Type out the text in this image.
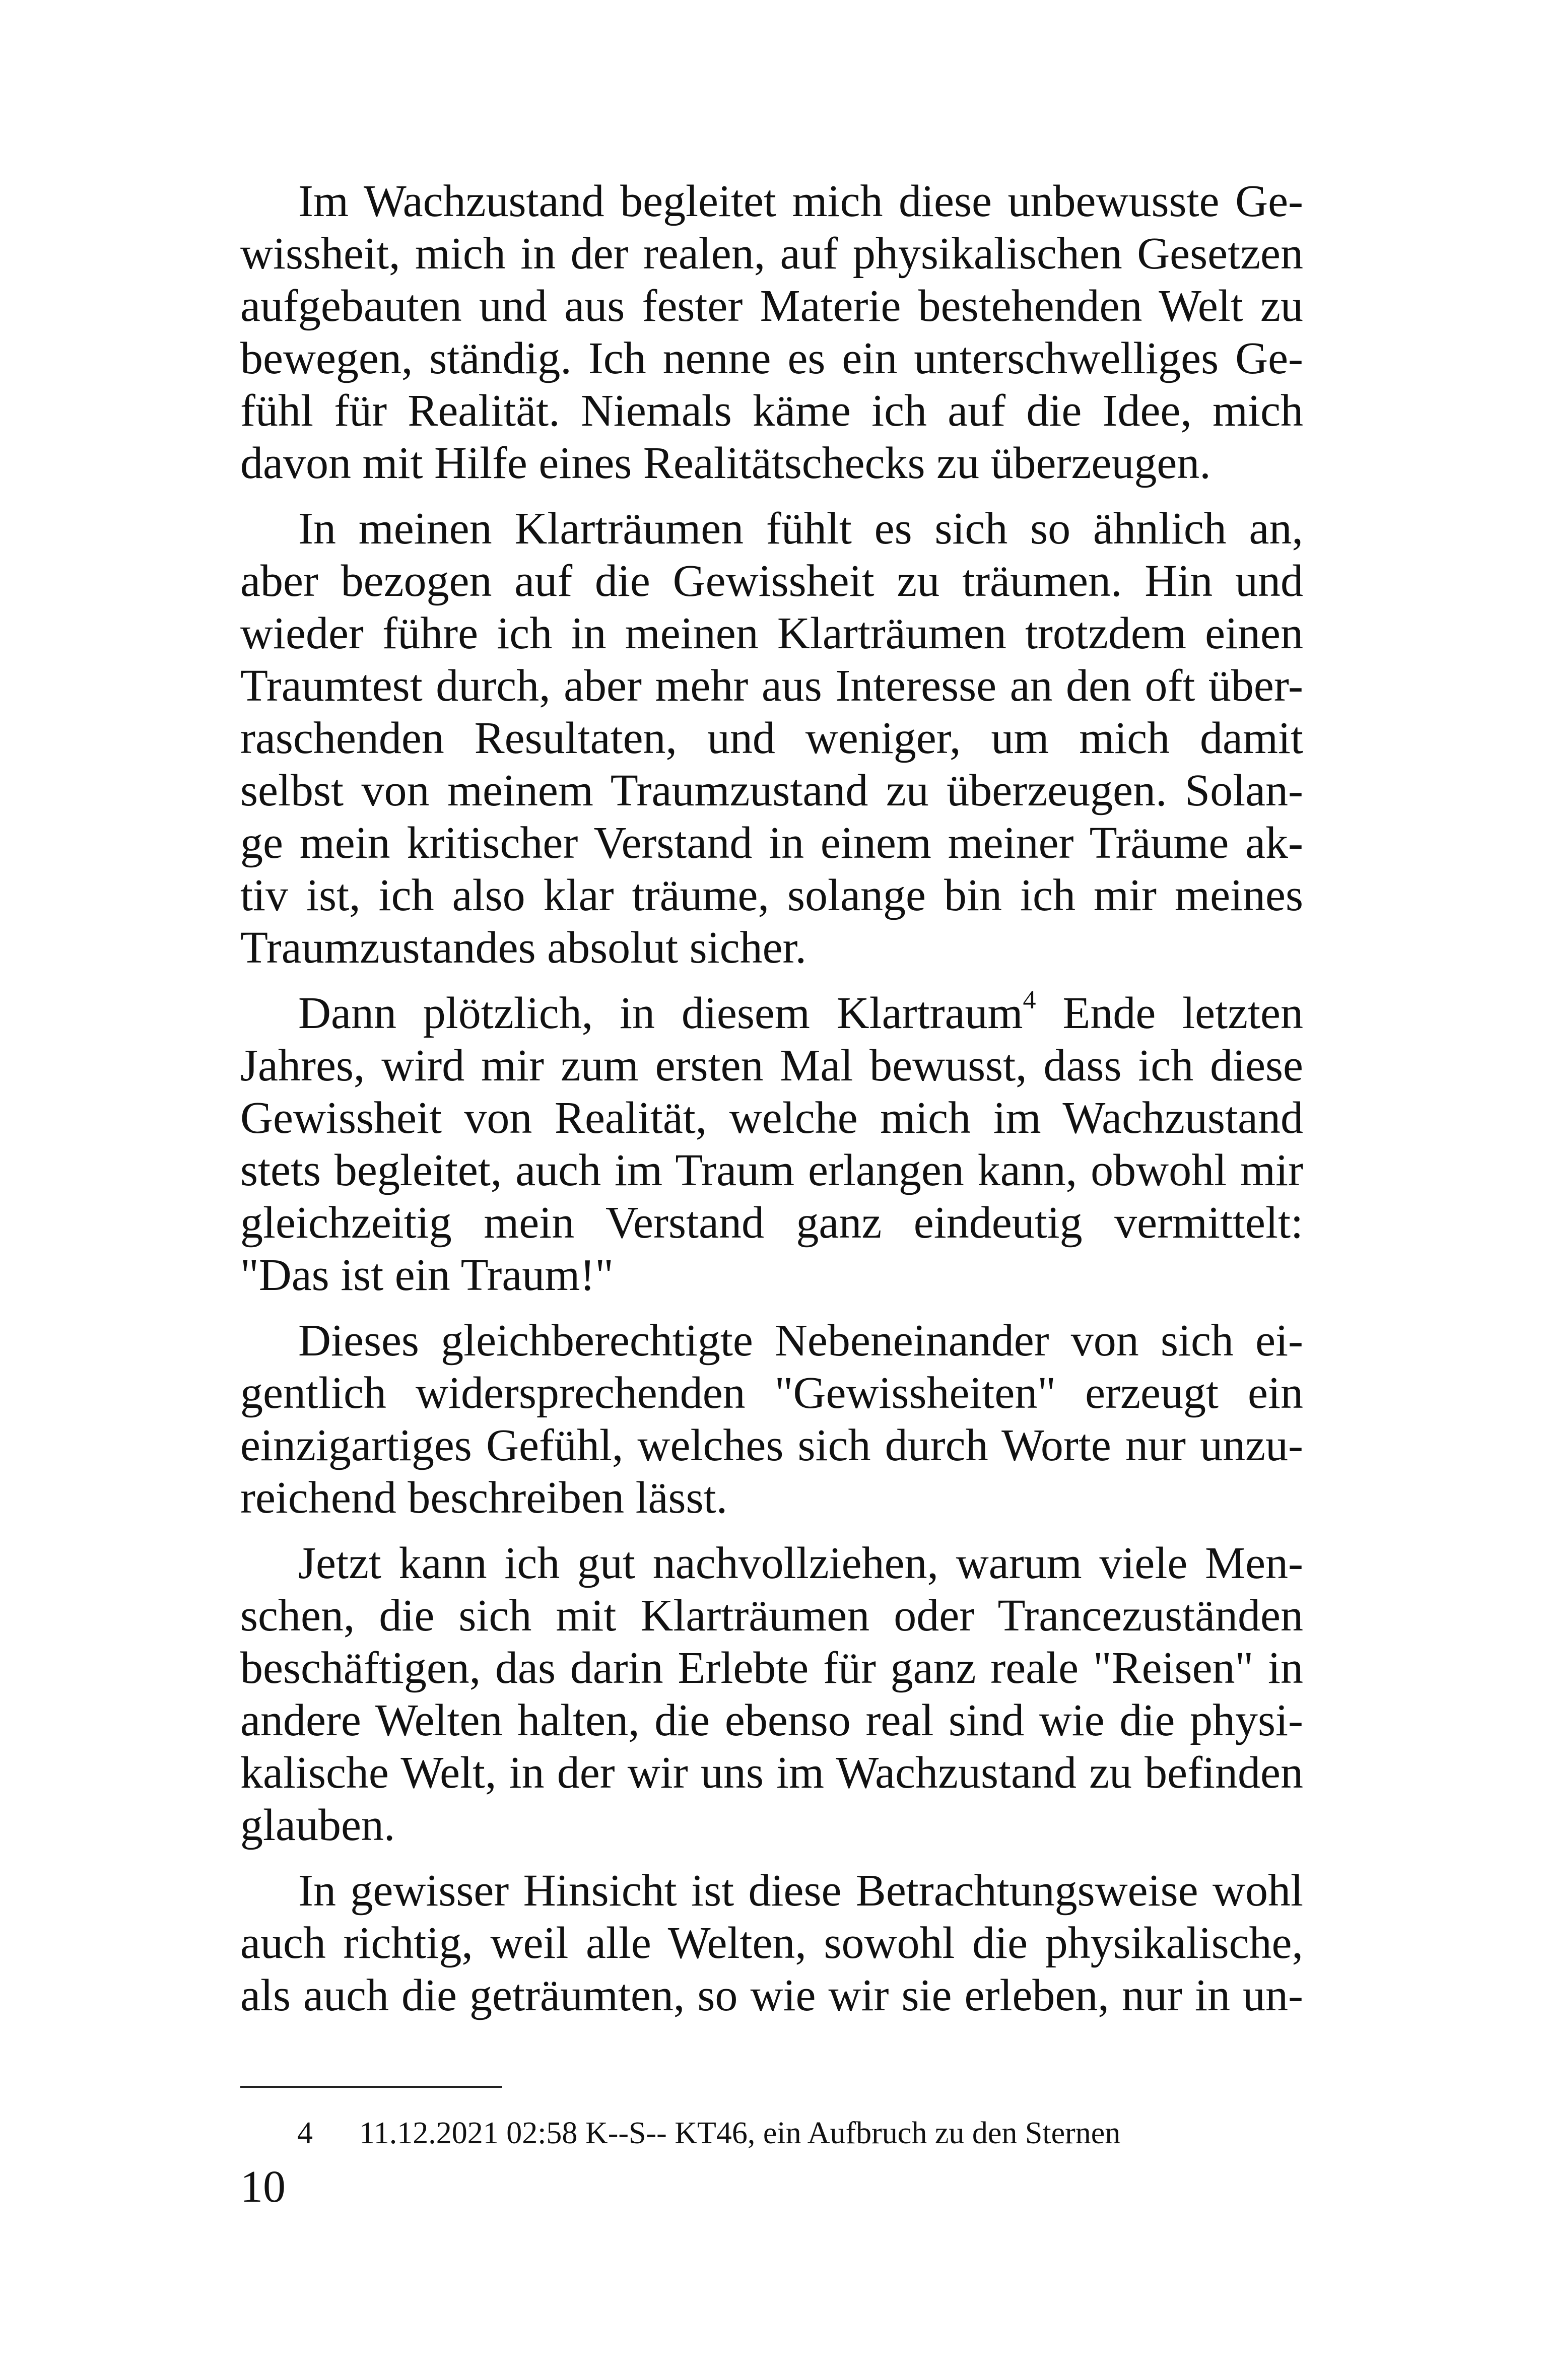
Im Wachzustand begleitet mich diese unbewusste Ge-
wissheit, mich in der realen, auf physikalischen Gesetzen
aufgebauten und aus fester Materie bestehenden Welt zu
bewegen, ständig. Ich nenne es ein unterschwelliges Ge-
fühl für Realität. Niemals käme ich auf die Idee, mich
davon mit Hilfe eines Realitätschecks zu überzeugen.
In meinen Klarträumen fühlt es sich so ähnlich an,
aber bezogen auf die Gewissheit zu träumen. Hin und
wieder führe ich in meinen Klarträumen trotzdem einen
Traumtest durch, aber mehr aus Interesse an den oft über-
raschenden Resultaten, und weniger, um mich damit
selbst von meinem Traumzustand zu überzeugen. Solan-
ge mein kritischer Verstand in einem meiner Träume ak-
tiv ist, ich also klar träume, solange bin ich mir meines
Traumzustandes absolut sicher.
Dann plötzlich, in diesem Klartraum$^4$ Ende letzten
Jahres, wird mir zum ersten Mal bewusst, dass ich diese
Gewissheit von Realität, welche mich im Wachzustand
stets begleitet, auch im Traum erlangen kann, obwohl mir
gleichzeitig mein Verstand ganz eindeutig vermittelt:
"Das ist ein Traum!"
Dieses gleichberechtigte Nebeneinander von sich ei-
gentlich widersprechenden "Gewissheiten" erzeugt ein
einzigartiges Gefühl, welches sich durch Worte nur unzu-
reichend beschreiben lässt.
Jetzt kann ich gut nachvollziehen, warum viele Men-
schen, die sich mit Klarträumen oder Trancezuständen
beschäftigen, das darin Erlebte für ganz reale "Reisen" in
andere Welten halten, die ebenso real sind wie die physi-
kalische Welt, in der wir uns im Wachzustand zu befinden
glauben.
In gewisser Hinsicht ist diese Betrachtungsweise wohl
auch richtig, weil alle Welten, sowohl die physikalische,
als auch die geträumten, so wie wir sie erleben, nur in un-
4 11.12.2021 02:58 K--S-- KT46, ein Aufbruch zu den Sternen
10
